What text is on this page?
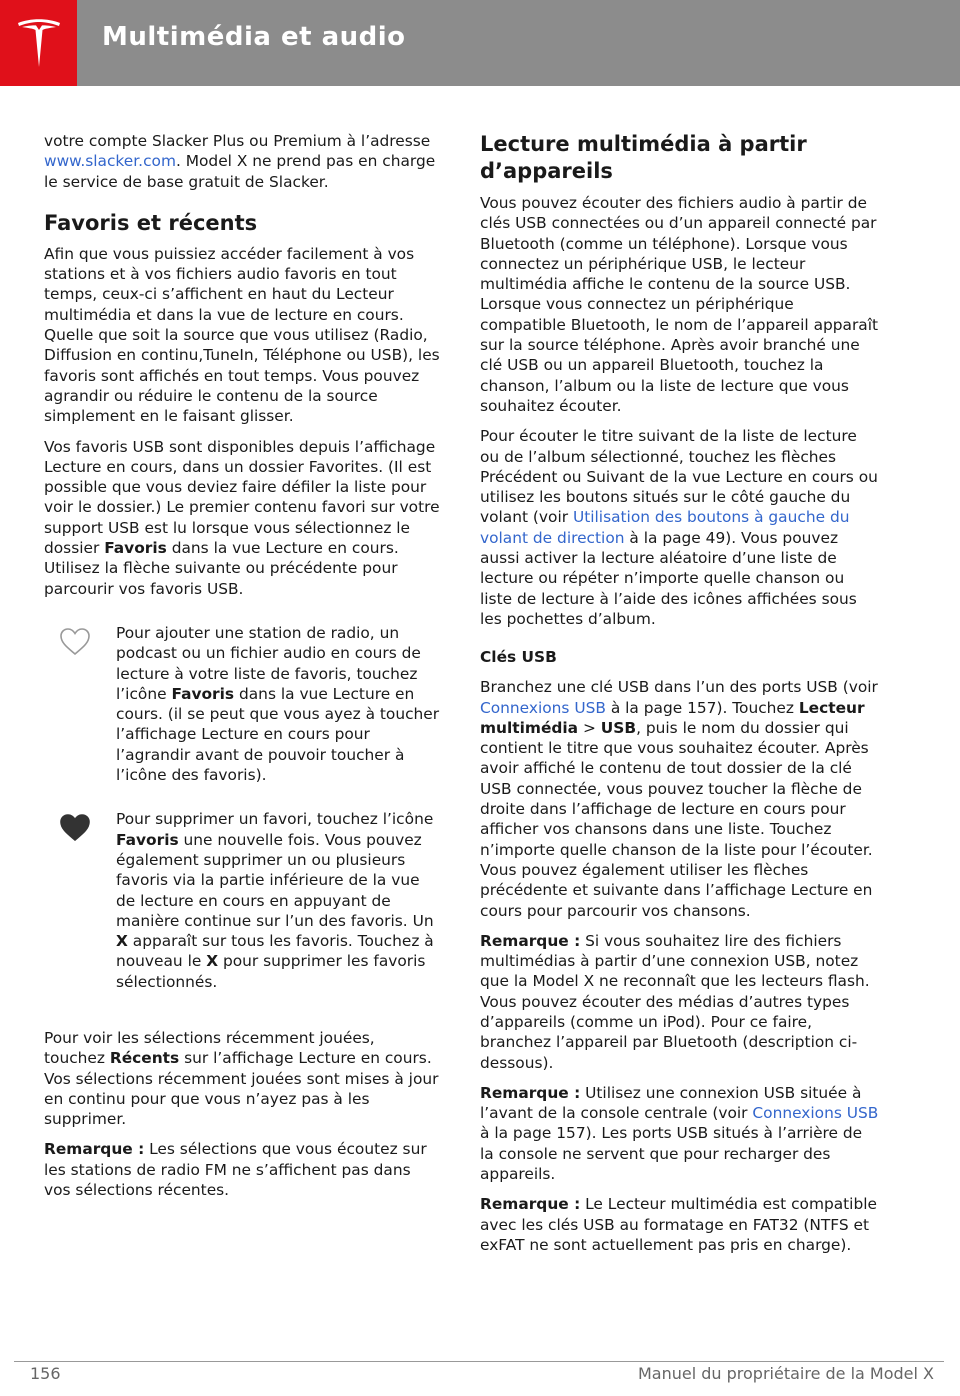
Multimédia et audio

votre compte Slacker Plus ou Premium à l’adresse www.slacker.com. Model X ne prend pas en charge le service de base gratuit de Slacker.

Favoris et récents

Afin que vous puissiez accéder facilement à vos stations et à vos fichiers audio favoris en tout temps, ceux-ci s’affichent en haut du Lecteur multimédia et dans la vue de lecture en cours. Quelle que soit la source que vous utilisez (Radio, Diffusion en continu,TuneIn, Téléphone ou USB), les favoris sont affichés en tout temps. Vous pouvez agrandir ou réduire le contenu de la source simplement en le faisant glisser.

Vos favoris USB sont disponibles depuis l’affichage Lecture en cours, dans un dossier Favorites. (Il est possible que vous deviez faire défiler la liste pour voir le dossier.) Le premier contenu favori sur votre support USB est lu lorsque vous sélectionnez le dossier Favoris dans la vue Lecture en cours. Utilisez la flèche suivante ou précédente pour parcourir vos favoris USB.

Pour ajouter une station de radio, un podcast ou un fichier audio en cours de lecture à votre liste de favoris, touchez l’icône Favoris dans la vue Lecture en cours. (il se peut que vous ayez à toucher l’affichage Lecture en cours pour l’agrandir avant de pouvoir toucher à l’icône des favoris).

Pour supprimer un favori, touchez l’icône Favoris une nouvelle fois. Vous pouvez également supprimer un ou plusieurs favoris via la partie inférieure de la vue de lecture en cours en appuyant de manière continue sur l’un des favoris. Un X apparaît sur tous les favoris. Touchez à nouveau le X pour supprimer les favoris sélectionnés.

Pour voir les sélections récemment jouées, touchez Récents sur l’affichage Lecture en cours. Vos sélections récemment jouées sont mises à jour en continu pour que vous n’ayez pas à les supprimer.

Remarque : Les sélections que vous écoutez sur les stations de radio FM ne s’affichent pas dans vos sélections récentes.

Lecture multimédia à partir d’appareils

Vous pouvez écouter des fichiers audio à partir de clés USB connectées ou d’un appareil connecté par Bluetooth (comme un téléphone). Lorsque vous connectez un périphérique USB, le lecteur multimédia affiche le contenu de la source USB. Lorsque vous connectez un périphérique compatible Bluetooth, le nom de l’appareil apparaît sur la source téléphone. Après avoir branché une clé USB ou un appareil Bluetooth, touchez la chanson, l’album ou la liste de lecture que vous souhaitez écouter.

Pour écouter le titre suivant de la liste de lecture ou de l’album sélectionné, touchez les flèches Précédent ou Suivant de la vue Lecture en cours ou utilisez les boutons situés sur le côté gauche du volant (voir Utilisation des boutons à gauche du volant de direction à la page 49). Vous pouvez aussi activer la lecture aléatoire d’une liste de lecture ou répéter n’importe quelle chanson ou liste de lecture à l’aide des icônes affichées sous les pochettes d’album.

Clés USB

Branchez une clé USB dans l’un des ports USB (voir Connexions USB à la page 157). Touchez Lecteur multimédia > USB, puis le nom du dossier qui contient le titre que vous souhaitez écouter. Après avoir affiché le contenu de tout dossier de la clé USB connectée, vous pouvez toucher la flèche de droite dans l’affichage de lecture en cours pour afficher vos chansons dans une liste. Touchez n’importe quelle chanson de la liste pour l’écouter. Vous pouvez également utiliser les flèches précédente et suivante dans l’affichage Lecture en cours pour parcourir vos chansons.

Remarque : Si vous souhaitez lire des fichiers multimédias à partir d’une connexion USB, notez que la Model X ne reconnaît que les lecteurs flash. Vous pouvez écouter des médias d’autres types d’appareils (comme un iPod). Pour ce faire, branchez l’appareil par Bluetooth (description ci-dessous).

Remarque : Utilisez une connexion USB située à l’avant de la console centrale (voir Connexions USB à la page 157). Les ports USB situés à l’arrière de la console ne servent que pour recharger des appareils.

Remarque : Le Lecteur multimédia est compatible avec les clés USB au formatage en FAT32 (NTFS et exFAT ne sont actuellement pas pris en charge).

156	Manuel du propriétaire de la Model X
